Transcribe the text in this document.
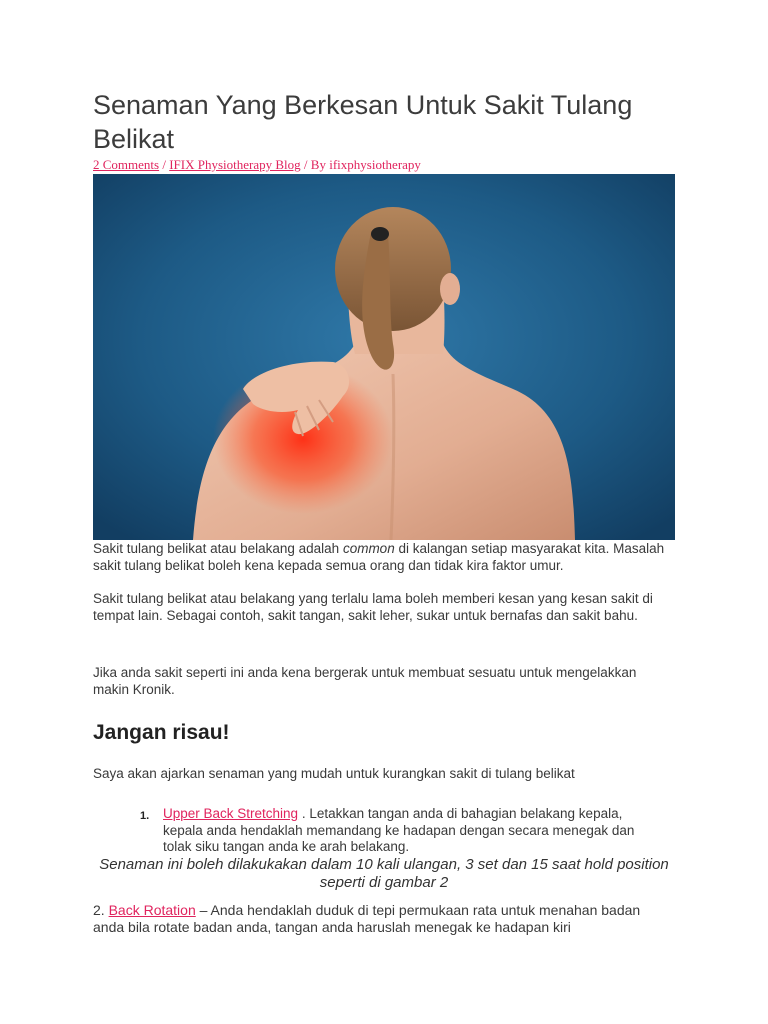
Senaman Yang Berkesan Untuk Sakit Tulang Belikat
2 Comments / IFIX Physiotherapy Blog / By ifixphysiotherapy

Sakit tulang belikat atau belakang adalah common di kalangan setiap masyarakat kita. Masalah sakit tulang belikat boleh kena kepada semua orang dan tidak kira faktor umur.

Sakit tulang belikat atau belakang yang terlalu lama boleh memberi kesan yang kesan sakit di tempat lain. Sebagai contoh, sakit tangan, sakit leher, sukar untuk bernafas dan sakit bahu.

Jika anda sakit seperti ini anda kena bergerak untuk membuat sesuatu untuk mengelakkan makin Kronik.

Jangan risau!

Saya akan ajarkan senaman yang mudah untuk kurangkan sakit di tulang belikat

1. Upper Back Stretching . Letakkan tangan anda di bahagian belakang kepala, kepala anda hendaklah memandang ke hadapan dengan secara menegak dan tolak siku tangan anda ke arah belakang.

Senaman ini boleh dilakukakan dalam 10 kali ulangan, 3 set dan 15 saat hold position seperti di gambar 2

2. Back Rotation – Anda hendaklah duduk di tepi permukaan rata untuk menahan badan anda bila rotate badan anda, tangan anda haruslah menegak ke hadapan kiri
